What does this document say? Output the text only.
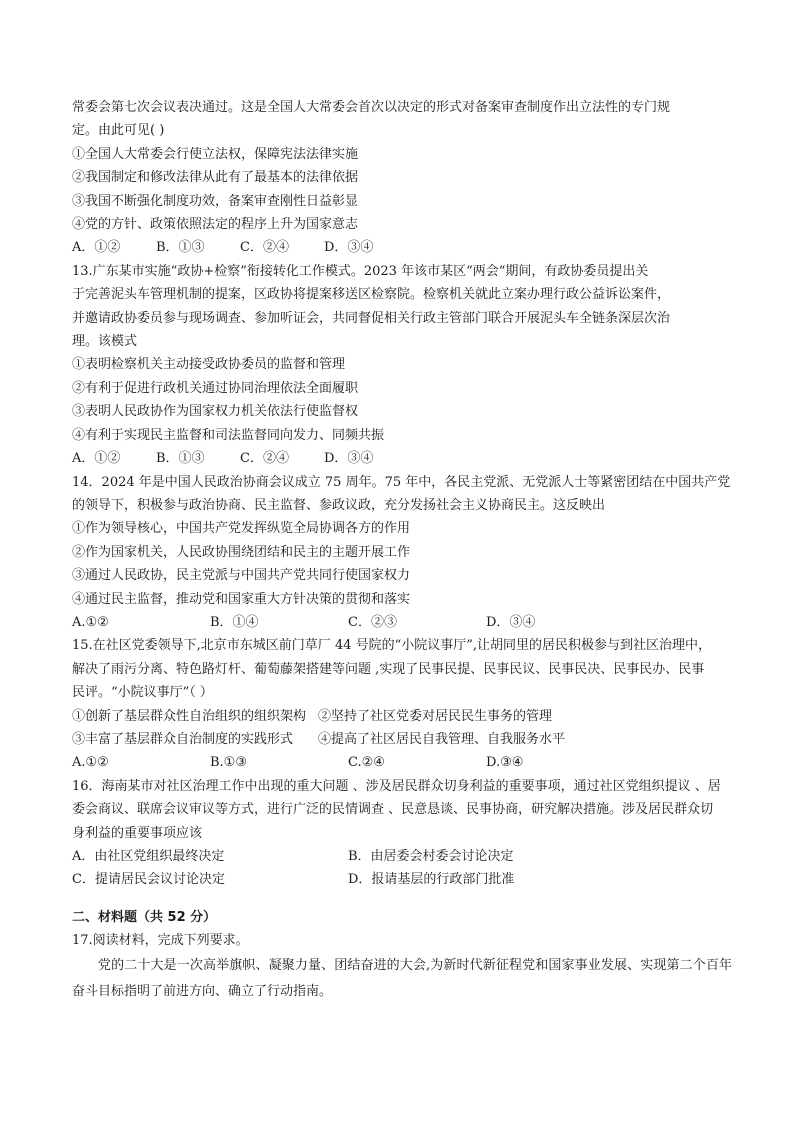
常委会第七次会议表决通过。这是全国人大常委会首次以决定的形式对备案审查制度作出立法性的专门规
定。由此可见( )
①全国人大常委会行使立法权，保障宪法法律实施
②我国制定和修改法律从此有了最基本的法律依据
③我国不断强化制度功效，备案审查刚性日益彰显
④党的方针、政策依照法定的程序上升为国家意志
A．①②	B．①③	C．②④	D．③④
13.广东某市实施“政协+检察”衔接转化工作模式。2023 年该市某区“两会“期间，有政协委员提出关
于完善泥头车管理机制的提案，区政协将提案移送区检察院。检察机关就此立案办理行政公益诉讼案件，
并邀请政协委员参与现场调查、参加听证会，共同督促相关行政主管部门联合开展泥头车全链条深层次治
理。该模式
①表明检察机关主动接受政协委员的监督和管理
②有利于促进行政机关通过协同治理依法全面履职
③表明人民政协作为国家权力机关依法行使监督权
④有利于实现民主监督和司法监督同向发力、同频共振
A．①②	B．①③	C．②④	D．③④
14．2024 年是中国人民政治协商会议成立 75 周年。75 年中，各民主党派、无党派人士等紧密团结在中国共产党
的领导下，积极参与政治协商、民主监督、参政议政，充分发扬社会主义协商民主。这反映出
①作为领导核心，中国共产党发挥纵览全局协调各方的作用
②作为国家机关，人民政协围绕团结和民主的主题开展工作
③通过人民政协，民主党派与中国共产党共同行使国家权力
④通过民主监督，推动党和国家重大方针决策的贯彻和落实
A.①②	B．①④	C．②③	D．③④
15.在社区党委领导下,北京市东城区前门草厂 44 号院的“小院议事厅”,让胡同里的居民积极参与到社区治理中，
解决了雨污分离、特色路灯杆、葡萄藤架搭建等问题 ,实现了民事民提、民事民议、民事民决、民事民办、民事
民评。“小院议事厅”（ ）
①创新了基层群众性自治组织的组织架构 ②坚持了社区党委对居民民生事务的管理
③丰富了基层群众自治制度的实践形式	④提高了社区居民自我管理、自我服务水平
A.①②	B.①③	C.②④	D.③④
16．海南某市对社区治理工作中出现的重大问题 、涉及居民群众切身利益的重要事项，通过社区党组织提议 、居
委会商议、联席会议审议等方式，进行广泛的民情调查 、民意恳谈、民事协商，研究解决措施。涉及居民群众切
身利益的重要事项应该
A．由社区党组织最终决定	B．由居委会村委会讨论决定
C．提请居民会议讨论决定	D．报请基层的行政部门批准
二、材料题（共 52 分）
17.阅读材料，完成下列要求。
党的二十大是一次高举旗帜、凝聚力量、团结奋进的大会,为新时代新征程党和国家事业发展、实现第二个百年奋斗目标指明了前进方向、确立了行动指南。
